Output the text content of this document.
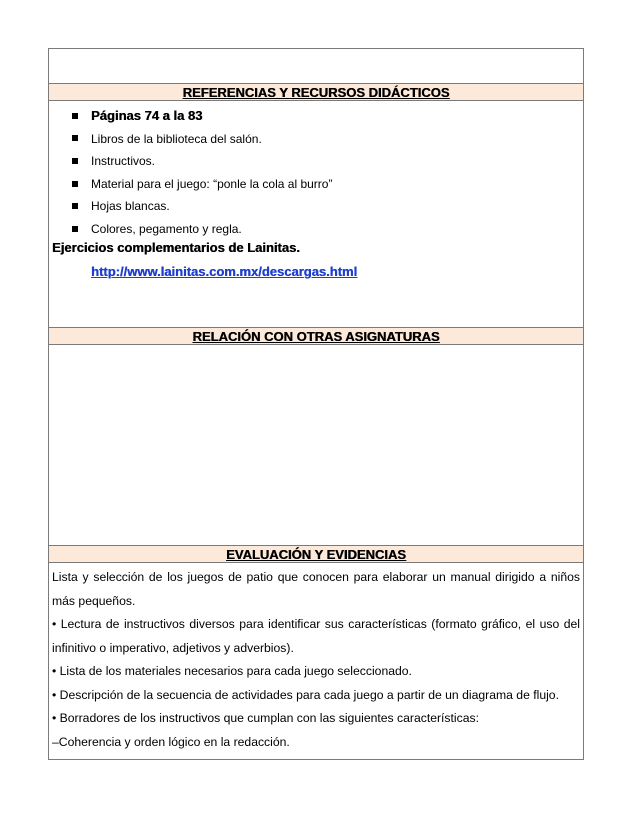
REFERENCIAS Y RECURSOS DIDÁCTICOS
Páginas 74 a la 83
Libros de la biblioteca del salón.
Instructivos.
Material para el juego: “ponle la cola al burro”
Hojas blancas.
Colores, pegamento y regla.
Ejercicios complementarios de Lainitas.
http://www.lainitas.com.mx/descargas.html
RELACIÓN CON OTRAS ASIGNATURAS
EVALUACIÓN Y EVIDENCIAS

Lista y selección de los juegos de patio que conocen para elaborar un manual dirigido a niños más pequeños.

• Lectura de instructivos diversos para identificar sus características (formato gráfico, el uso del infinitivo o imperativo, adjetivos y adverbios).

• Lista de los materiales necesarios para cada juego seleccionado.

• Descripción de la secuencia de actividades para cada juego a partir de un diagrama de flujo.

• Borradores de los instructivos que cumplan con las siguientes características:

–Coherencia y orden lógico en la redacción.
